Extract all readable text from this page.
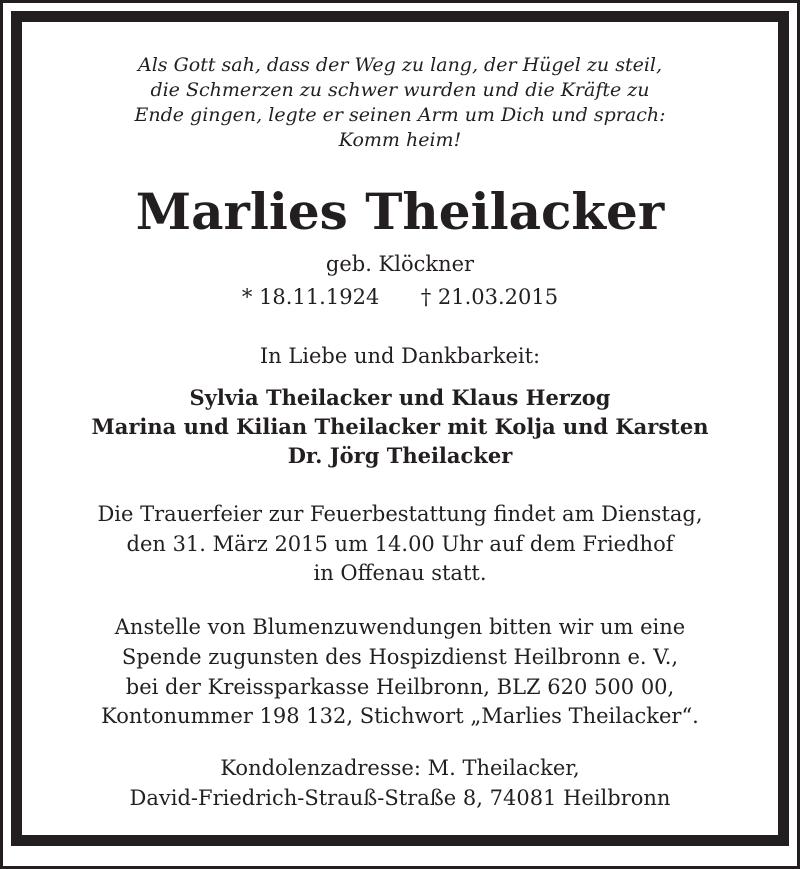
Als Gott sah, dass der Weg zu lang, der Hügel zu steil,
die Schmerzen zu schwer wurden und die Kräfte zu
Ende gingen, legte er seinen Arm um Dich und sprach:
Komm heim!
Marlies Theilacker
geb. Klöckner
* 18.11.1924 † 21.03.2015
In Liebe und Dankbarkeit:
Sylvia Theilacker und Klaus Herzog
Marina und Kilian Theilacker mit Kolja und Karsten
Dr. Jörg Theilacker
Die Trauerfeier zur Feuerbestattung findet am Dienstag,
den 31. März 2015 um 14.00 Uhr auf dem Friedhof
in Offenau statt.
Anstelle von Blumenzuwendungen bitten wir um eine
Spende zugunsten des Hospizdienst Heilbronn e. V.,
bei der Kreissparkasse Heilbronn, BLZ 620 500 00,
Kontonummer 198 132, Stichwort „Marlies Theilacker“.
Kondolenzadresse: M. Theilacker,
David-Friedrich-Strauß-Straße 8, 74081 Heilbronn
